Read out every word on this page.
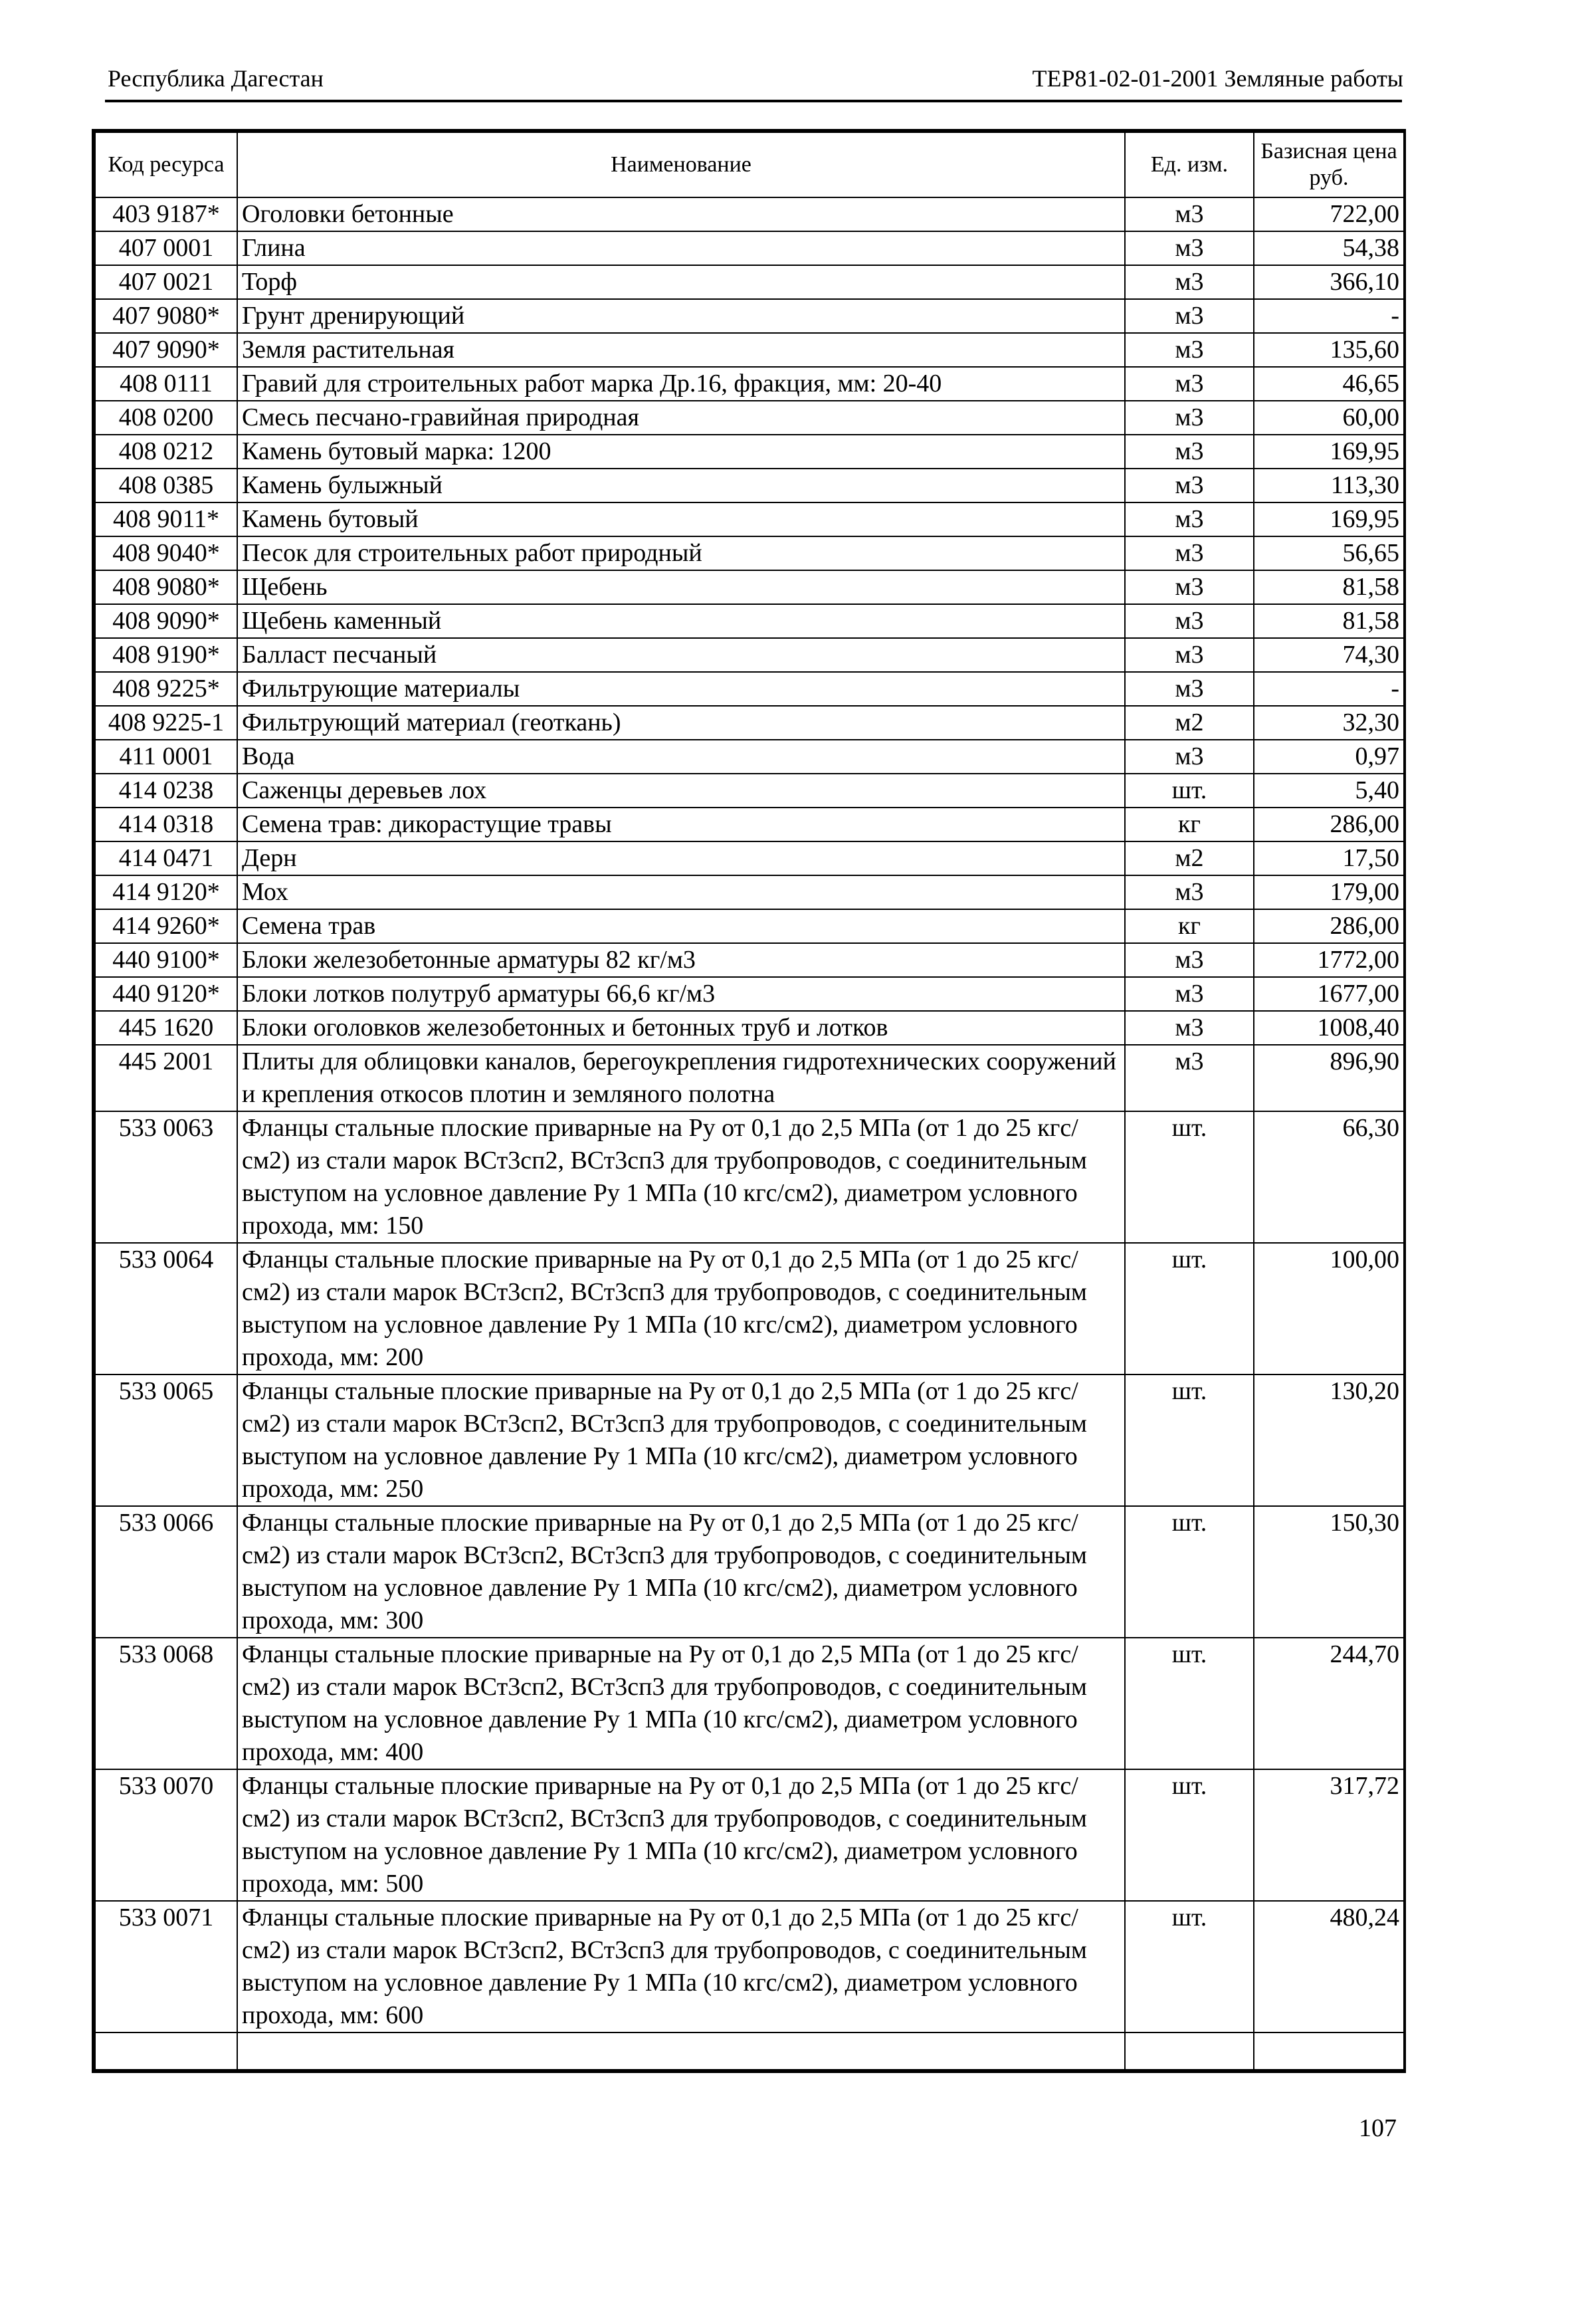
Республика Дагестан	ТЕР81-02-01-2001 Земляные работы
Код ресурса	Наименование	Ед. изм.	Базисная цена руб.
403 9187*	Оголовки бетонные	м3	722,00
407 0001	Глина	м3	54,38
407 0021	Торф	м3	366,10
407 9080*	Грунт дренирующий	м3	-
407 9090*	Земля растительная	м3	135,60
408 0111	Гравий для строительных работ марка Др.16, фракция, мм: 20-40	м3	46,65
408 0200	Смесь песчано-гравийная природная	м3	60,00
408 0212	Камень бутовый марка: 1200	м3	169,95
408 0385	Камень булыжный	м3	113,30
408 9011*	Камень бутовый	м3	169,95
408 9040*	Песок для строительных работ природный	м3	56,65
408 9080*	Щебень	м3	81,58
408 9090*	Щебень каменный	м3	81,58
408 9190*	Балласт песчаный	м3	74,30
408 9225*	Фильтрующие материалы	м3	-
408 9225-1	Фильтрующий материал (геоткань)	м2	32,30
411 0001	Вода	м3	0,97
414 0238	Саженцы деревьев лох	шт.	5,40
414 0318	Семена трав: дикорастущие травы	кг	286,00
414 0471	Дерн	м2	17,50
414 9120*	Мох	м3	179,00
414 9260*	Семена трав	кг	286,00
440 9100*	Блоки железобетонные арматуры 82 кг/м3	м3	1772,00
440 9120*	Блоки лотков полутруб арматуры 66,6 кг/м3	м3	1677,00
445 1620	Блоки оголовков железобетонных и бетонных труб и лотков	м3	1008,40
445 2001	Плиты для облицовки каналов, берегоукрепления гидротехнических сооружений и крепления откосов плотин и земляного полотна	м3	896,90
533 0063	Фланцы стальные плоские приварные на Ру от 0,1 до 2,5 МПа (от 1 до 25 кгс/см2) из стали марок ВСт3сп2, ВСт3сп3 для трубопроводов, с соединительным выступом на условное давление Ру 1 МПа (10 кгс/см2), диаметром условного прохода, мм: 150	шт.	66,30
533 0064	Фланцы стальные плоские приварные на Ру от 0,1 до 2,5 МПа (от 1 до 25 кгс/см2) из стали марок ВСт3сп2, ВСт3сп3 для трубопроводов, с соединительным выступом на условное давление Ру 1 МПа (10 кгс/см2), диаметром условного прохода, мм: 200	шт.	100,00
533 0065	Фланцы стальные плоские приварные на Ру от 0,1 до 2,5 МПа (от 1 до 25 кгс/см2) из стали марок ВСт3сп2, ВСт3сп3 для трубопроводов, с соединительным выступом на условное давление Ру 1 МПа (10 кгс/см2), диаметром условного прохода, мм: 250	шт.	130,20
533 0066	Фланцы стальные плоские приварные на Ру от 0,1 до 2,5 МПа (от 1 до 25 кгс/см2) из стали марок ВСт3сп2, ВСт3сп3 для трубопроводов, с соединительным выступом на условное давление Ру 1 МПа (10 кгс/см2), диаметром условного прохода, мм: 300	шт.	150,30
533 0068	Фланцы стальные плоские приварные на Ру от 0,1 до 2,5 МПа (от 1 до 25 кгс/см2) из стали марок ВСт3сп2, ВСт3сп3 для трубопроводов, с соединительным выступом на условное давление Ру 1 МПа (10 кгс/см2), диаметром условного прохода, мм: 400	шт.	244,70
533 0070	Фланцы стальные плоские приварные на Ру от 0,1 до 2,5 МПа (от 1 до 25 кгс/см2) из стали марок ВСт3сп2, ВСт3сп3 для трубопроводов, с соединительным выступом на условное давление Ру 1 МПа (10 кгс/см2), диаметром условного прохода, мм: 500	шт.	317,72
533 0071	Фланцы стальные плоские приварные на Ру от 0,1 до 2,5 МПа (от 1 до 25 кгс/см2) из стали марок ВСт3сп2, ВСт3сп3 для трубопроводов, с соединительным выступом на условное давление Ру 1 МПа (10 кгс/см2), диаметром условного прохода, мм: 600	шт.	480,24

107
